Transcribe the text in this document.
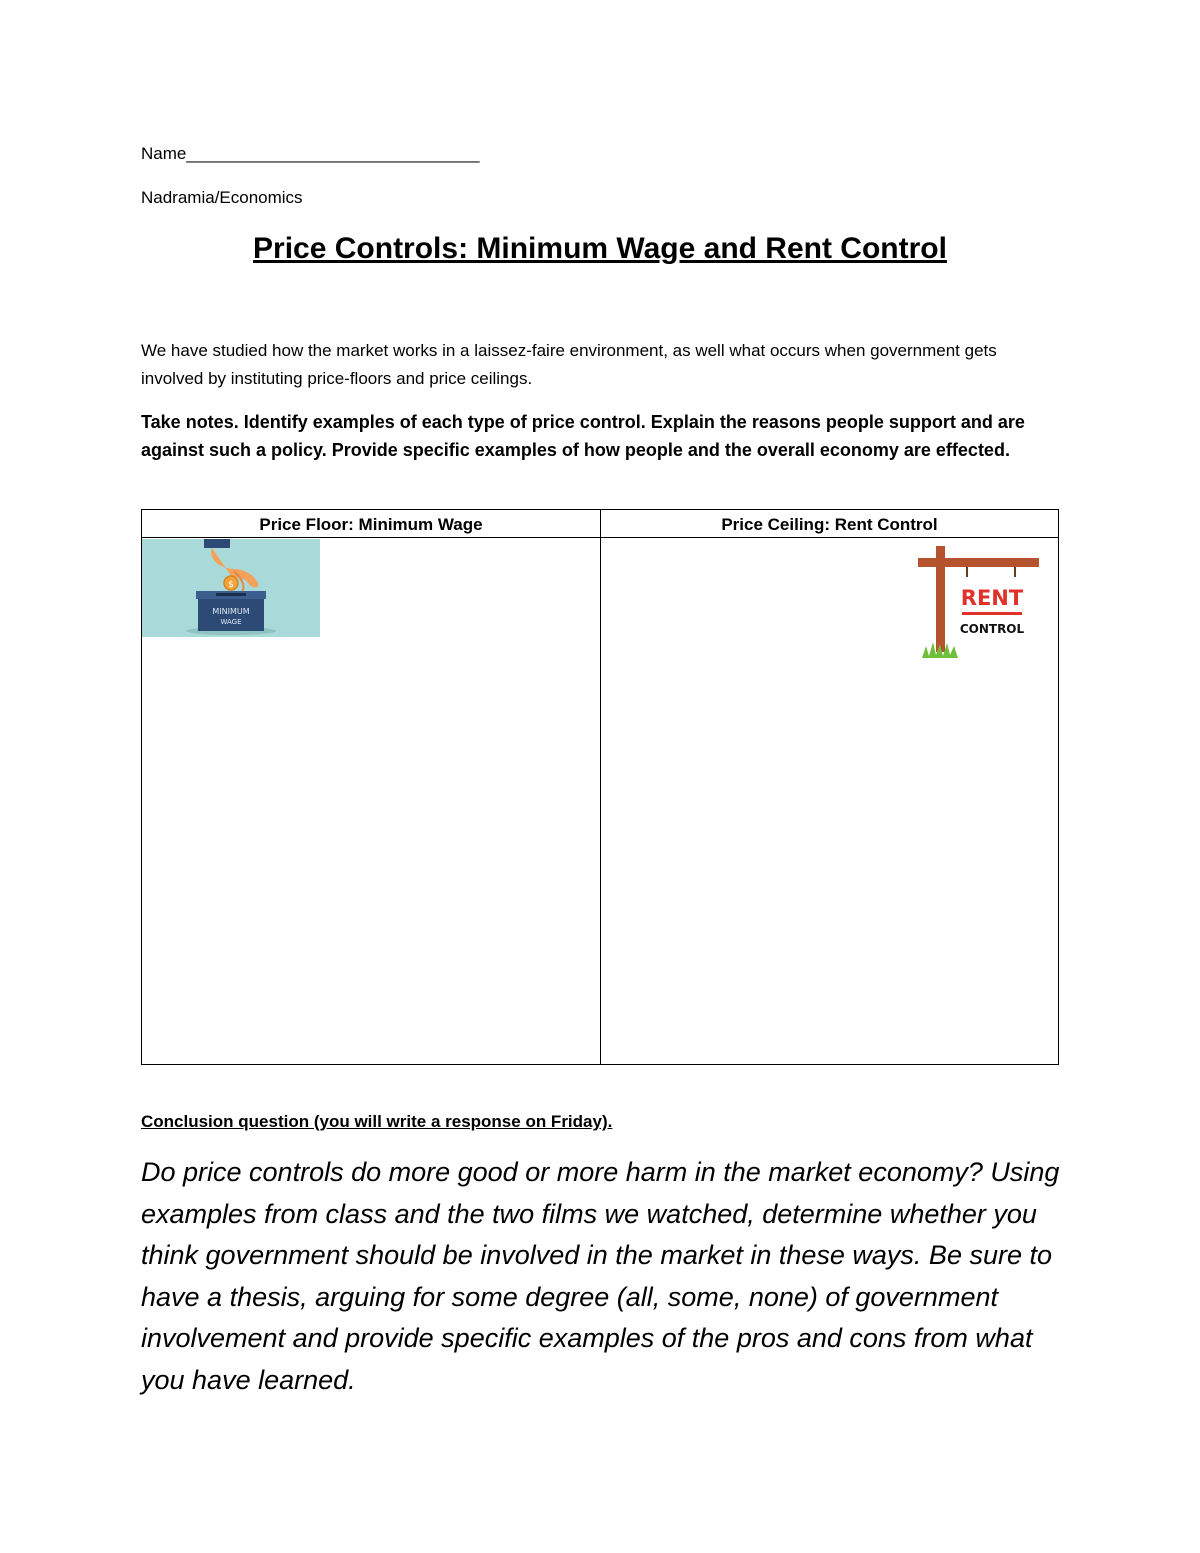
Name_______________________________
Nadramia/Economics
Price Controls: Minimum Wage and Rent Control
We have studied how the market works in a laissez-faire environment, as well what occurs when government gets involved by instituting price-floors and price ceilings.
Take notes. Identify examples of each type of price control. Explain the reasons people support and are against such a policy. Provide specific examples of how people and the overall economy are effected.
Price Floor: Minimum Wage	Price Ceiling: Rent Control
$
MINIMUM
WAGE
RENT
CONTROL
Conclusion question (you will write a response on Friday).
Do price controls do more good or more harm in the market economy? Using examples from class and the two films we watched, determine whether you think government should be involved in the market in these ways. Be sure to have a thesis, arguing for some degree (all, some, none) of government involvement and provide specific examples of the pros and cons from what you have learned.
